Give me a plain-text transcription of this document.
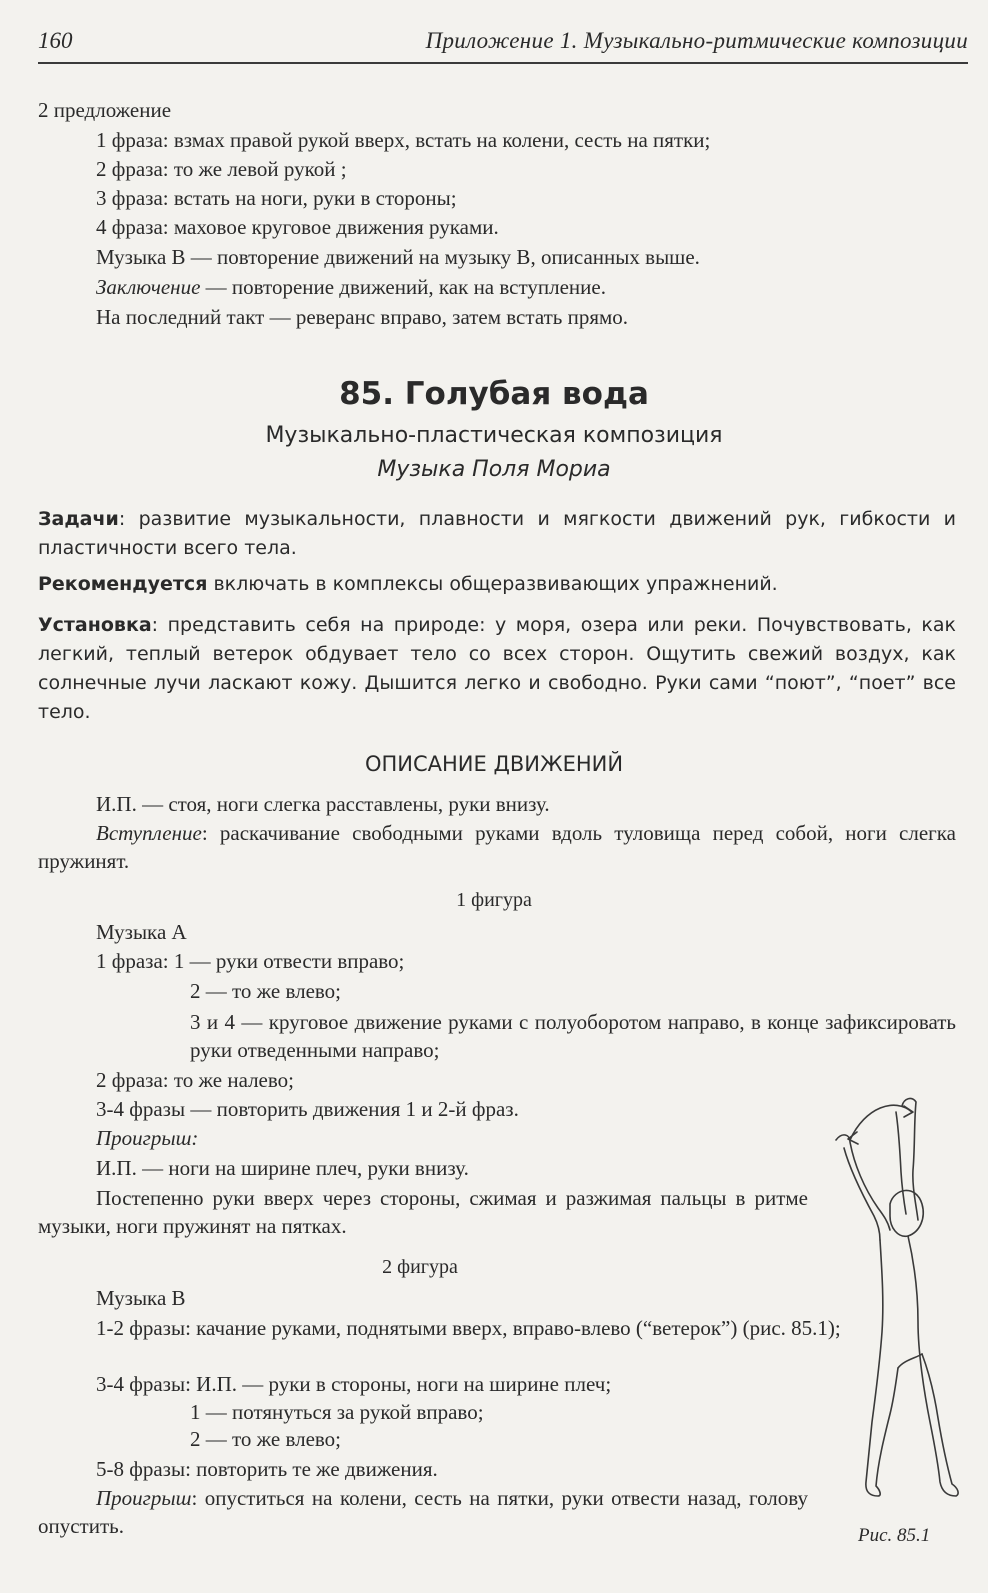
160	Приложение 1. Музыкально-ритмические композиции
2 предложение
1 фраза: взмах правой рукой вверх, встать на колени, сесть на пятки;
2 фраза: то же левой рукой ;
3 фраза: встать на ноги, руки в стороны;
4 фраза: маховое круговое движения руками.
Музыка В — повторение движений на музыку В, описанных выше.
Заключение — повторение движений, как на вступление.
На последний такт — реверанс вправо, затем встать прямо.
85. Голубая вода
Музыкально-пластическая композиция
Музыка Поля Мориа
Задачи: развитие музыкальности, плавности и мягкости движений рук, гибкости и пластичности всего тела.
Рекомендуется включать в комплексы общеразвивающих упражнений.
Установка: представить себя на природе: у моря, озера или реки. Почувствовать, как легкий, теплый ветерок обдувает тело со всех сторон. Ощутить свежий воздух, как солнечные лучи ласкают кожу. Дышится легко и свободно. Руки сами “поют”, “поет” все тело.
ОПИСАНИЕ ДВИЖЕНИЙ
И.П. — стоя, ноги слегка расставлены, руки внизу.
Вступление: раскачивание свободными руками вдоль туловища перед собой, ноги слегка пружинят.
1 фигура
Музыка А
1 фраза: 1 — руки отвести вправо;
2 — то же влево;
3 и 4 — круговое движение руками с полуоборотом направо, в конце зафиксировать руки отведенными направо;
2 фраза: то же налево;
3-4 фразы — повторить движения 1 и 2-й фраз.
Проигрыш:
И.П. — ноги на ширине плеч, руки внизу.
Постепенно руки вверх через стороны, сжимая и разжимая пальцы в ритме музыки, ноги пружинят на пятках.
2 фигура
Музыка В
1-2 фразы: качание руками, поднятыми вверх, вправо-влево (“ветерок”) (рис. 85.1);
3-4 фразы: И.П. — руки в стороны, ноги на ширине плеч;
1 — потянуться за рукой вправо;
2 — то же влево;
5-8 фразы: повторить те же движения.
Проигрыш: опуститься на колени, сесть на пятки, руки отвести назад, голову опустить.	Рис. 85.1
